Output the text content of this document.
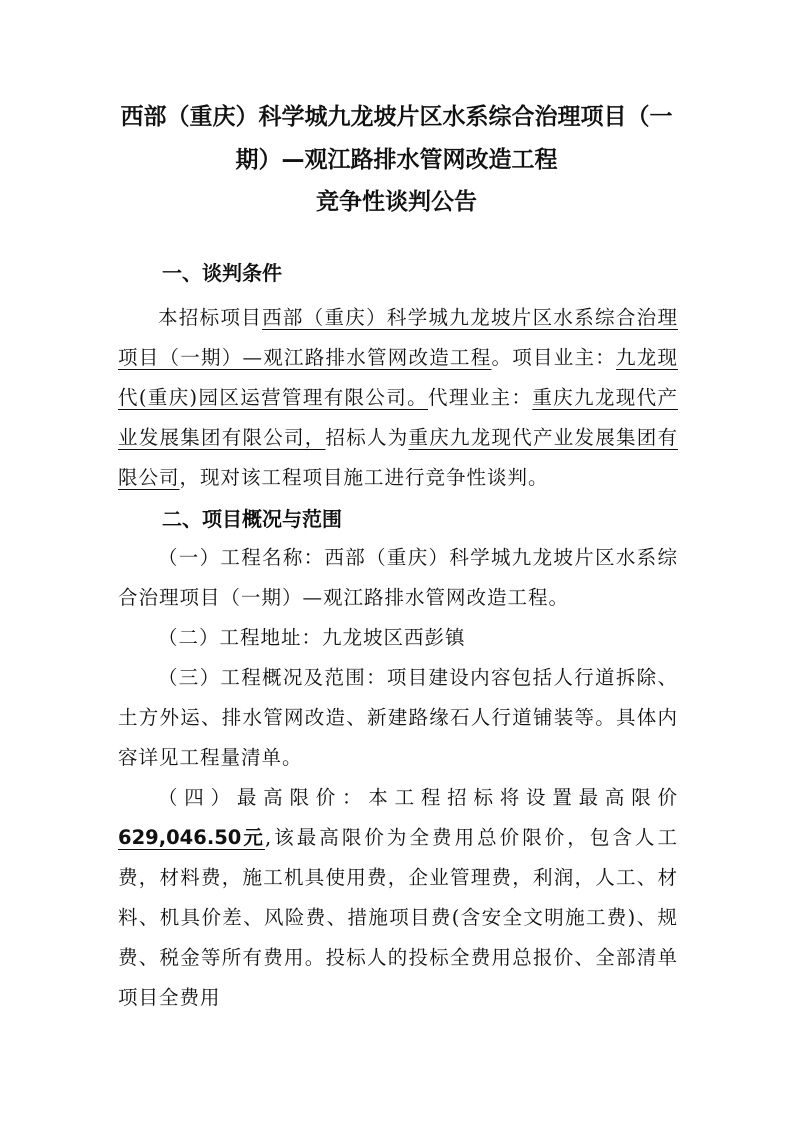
西部（重庆）科学城九龙坡片区水系综合治理项目（一
期）—观江路排水管网改造工程
竞争性谈判公告
一、谈判条件
本招标项目西部（重庆）科学城九龙坡片区水系综合治理项目（一期）—观江路排水管网改造工程。项目业主：九龙现代(重庆)园区运营管理有限公司。代理业主：重庆九龙现代产业发展集团有限公司，招标人为重庆九龙现代产业发展集团有限公司，现对该工程项目施工进行竞争性谈判。
二、项目概况与范围
（一）工程名称：西部（重庆）科学城九龙坡片区水系综合治理项目（一期）—观江路排水管网改造工程。
（二）工程地址：九龙坡区西彭镇
（三）工程概况及范围：项目建设内容包括人行道拆除、土方外运、排水管网改造、新建路缘石人行道铺装等。具体内容详见工程量清单。
（四）最高限价：本工程招标将设置最高限价629,046.50元,该最高限价为全费用总价限价，包含人工费，材料费，施工机具使用费，企业管理费，利润，人工、材料、机具价差、风险费、措施项目费(含安全文明施工费)、规费、税金等所有费用。投标人的投标全费用总报价、全部清单项目全费用
